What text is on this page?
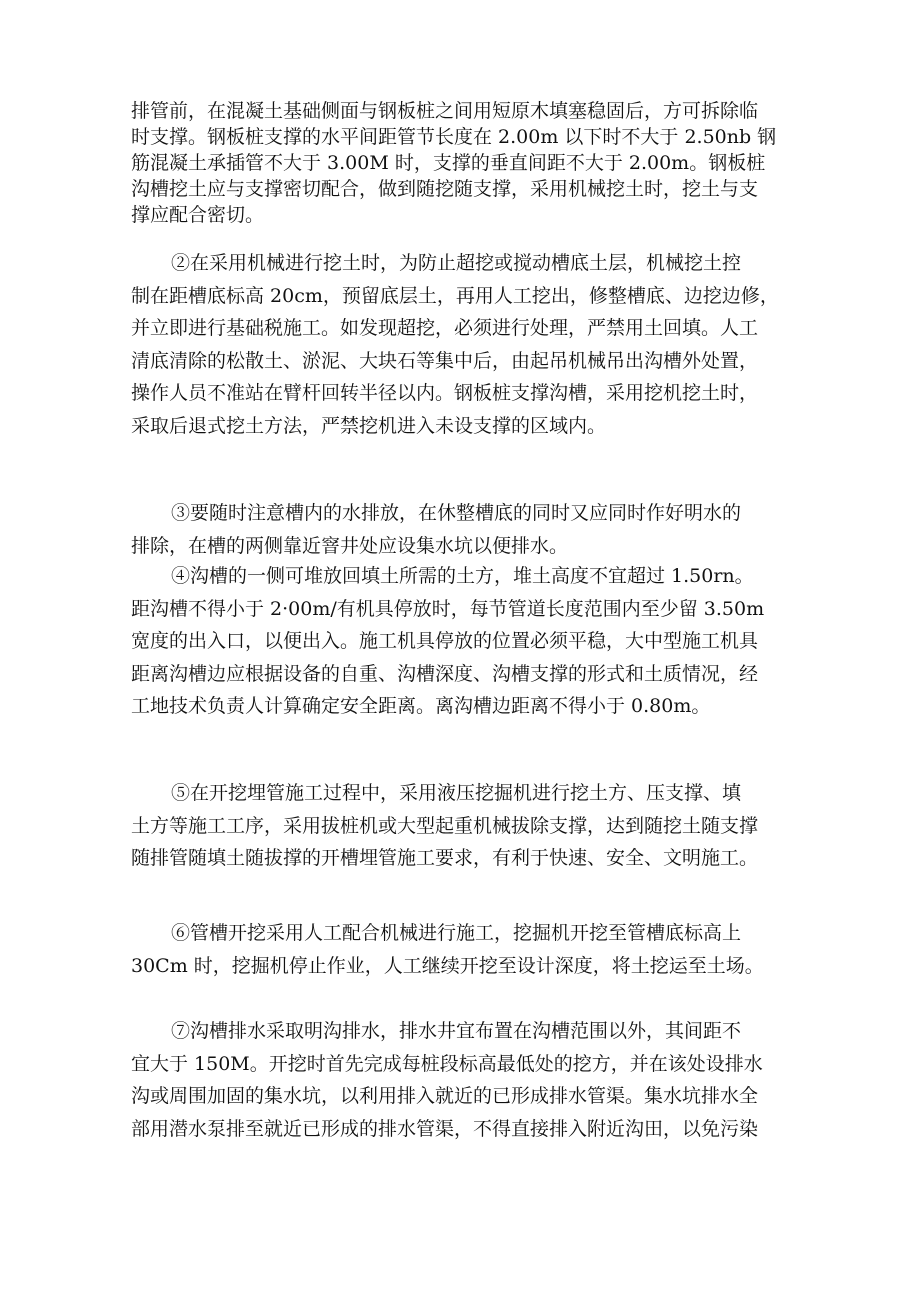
排管前，在混凝土基础侧面与钢板桩之间用短原木填塞稳固后，方可拆除临
时支撑。钢板桩支撑的水平间距管节长度在 2.00m 以下时不大于 2.50nb 钢
筋混凝土承插管不大于 3.00M 时，支撑的垂直间距不大于 2.00m。钢板桩
沟槽挖土应与支撑密切配合，做到随挖随支撑，采用机械挖土时，挖土与支
撑应配合密切。
②在采用机械进行挖土时，为防止超挖或搅动槽底土层，机械挖土控
制在距槽底标高 20cm，预留底层土，再用人工挖出，修整槽底、边挖边修，
并立即进行基础税施工。如发现超挖，必须进行处理，严禁用土回填。人工
清底清除的松散土、淤泥、大块石等集中后，由起吊机械吊出沟槽外处置，
操作人员不准站在臂杆回转半径以内。钢板桩支撑沟槽，采用挖机挖土时，
采取后退式挖土方法，严禁挖机进入未设支撑的区域内。
③要随时注意槽内的水排放，在休整槽底的同时又应同时作好明水的
排除，在槽的两侧靠近窨井处应设集水坑以便排水。
④沟槽的一侧可堆放回填土所需的土方，堆土高度不宜超过 1.50rn。
距沟槽不得小于 2·00m/有机具停放时，每节管道长度范围内至少留 3.50m
宽度的出入口，以便出入。施工机具停放的位置必须平稳，大中型施工机具
距离沟槽边应根据设备的自重、沟槽深度、沟槽支撑的形式和土质情况，经
工地技术负责人计算确定安全距离。离沟槽边距离不得小于 0.80m。
⑤在开挖埋管施工过程中，采用液压挖掘机进行挖土方、压支撑、填
土方等施工工序，采用拔桩机或大型起重机械拔除支撑，达到随挖土随支撑
随排管随填土随拔撑的开槽埋管施工要求，有利于快速、安全、文明施工。
⑥管槽开挖采用人工配合机械进行施工，挖掘机开挖至管槽底标高上
30Cm 时，挖掘机停止作业，人工继续开挖至设计深度，将土挖运至土场。
⑦沟槽排水采取明沟排水，排水井宜布置在沟槽范围以外，其间距不
宜大于 150M。开挖时首先完成每桩段标高最低处的挖方，并在该处设排水
沟或周围加固的集水坑，以利用排入就近的已形成排水管渠。集水坑排水全
部用潜水泵排至就近已形成的排水管渠，不得直接排入附近沟田，以免污染
